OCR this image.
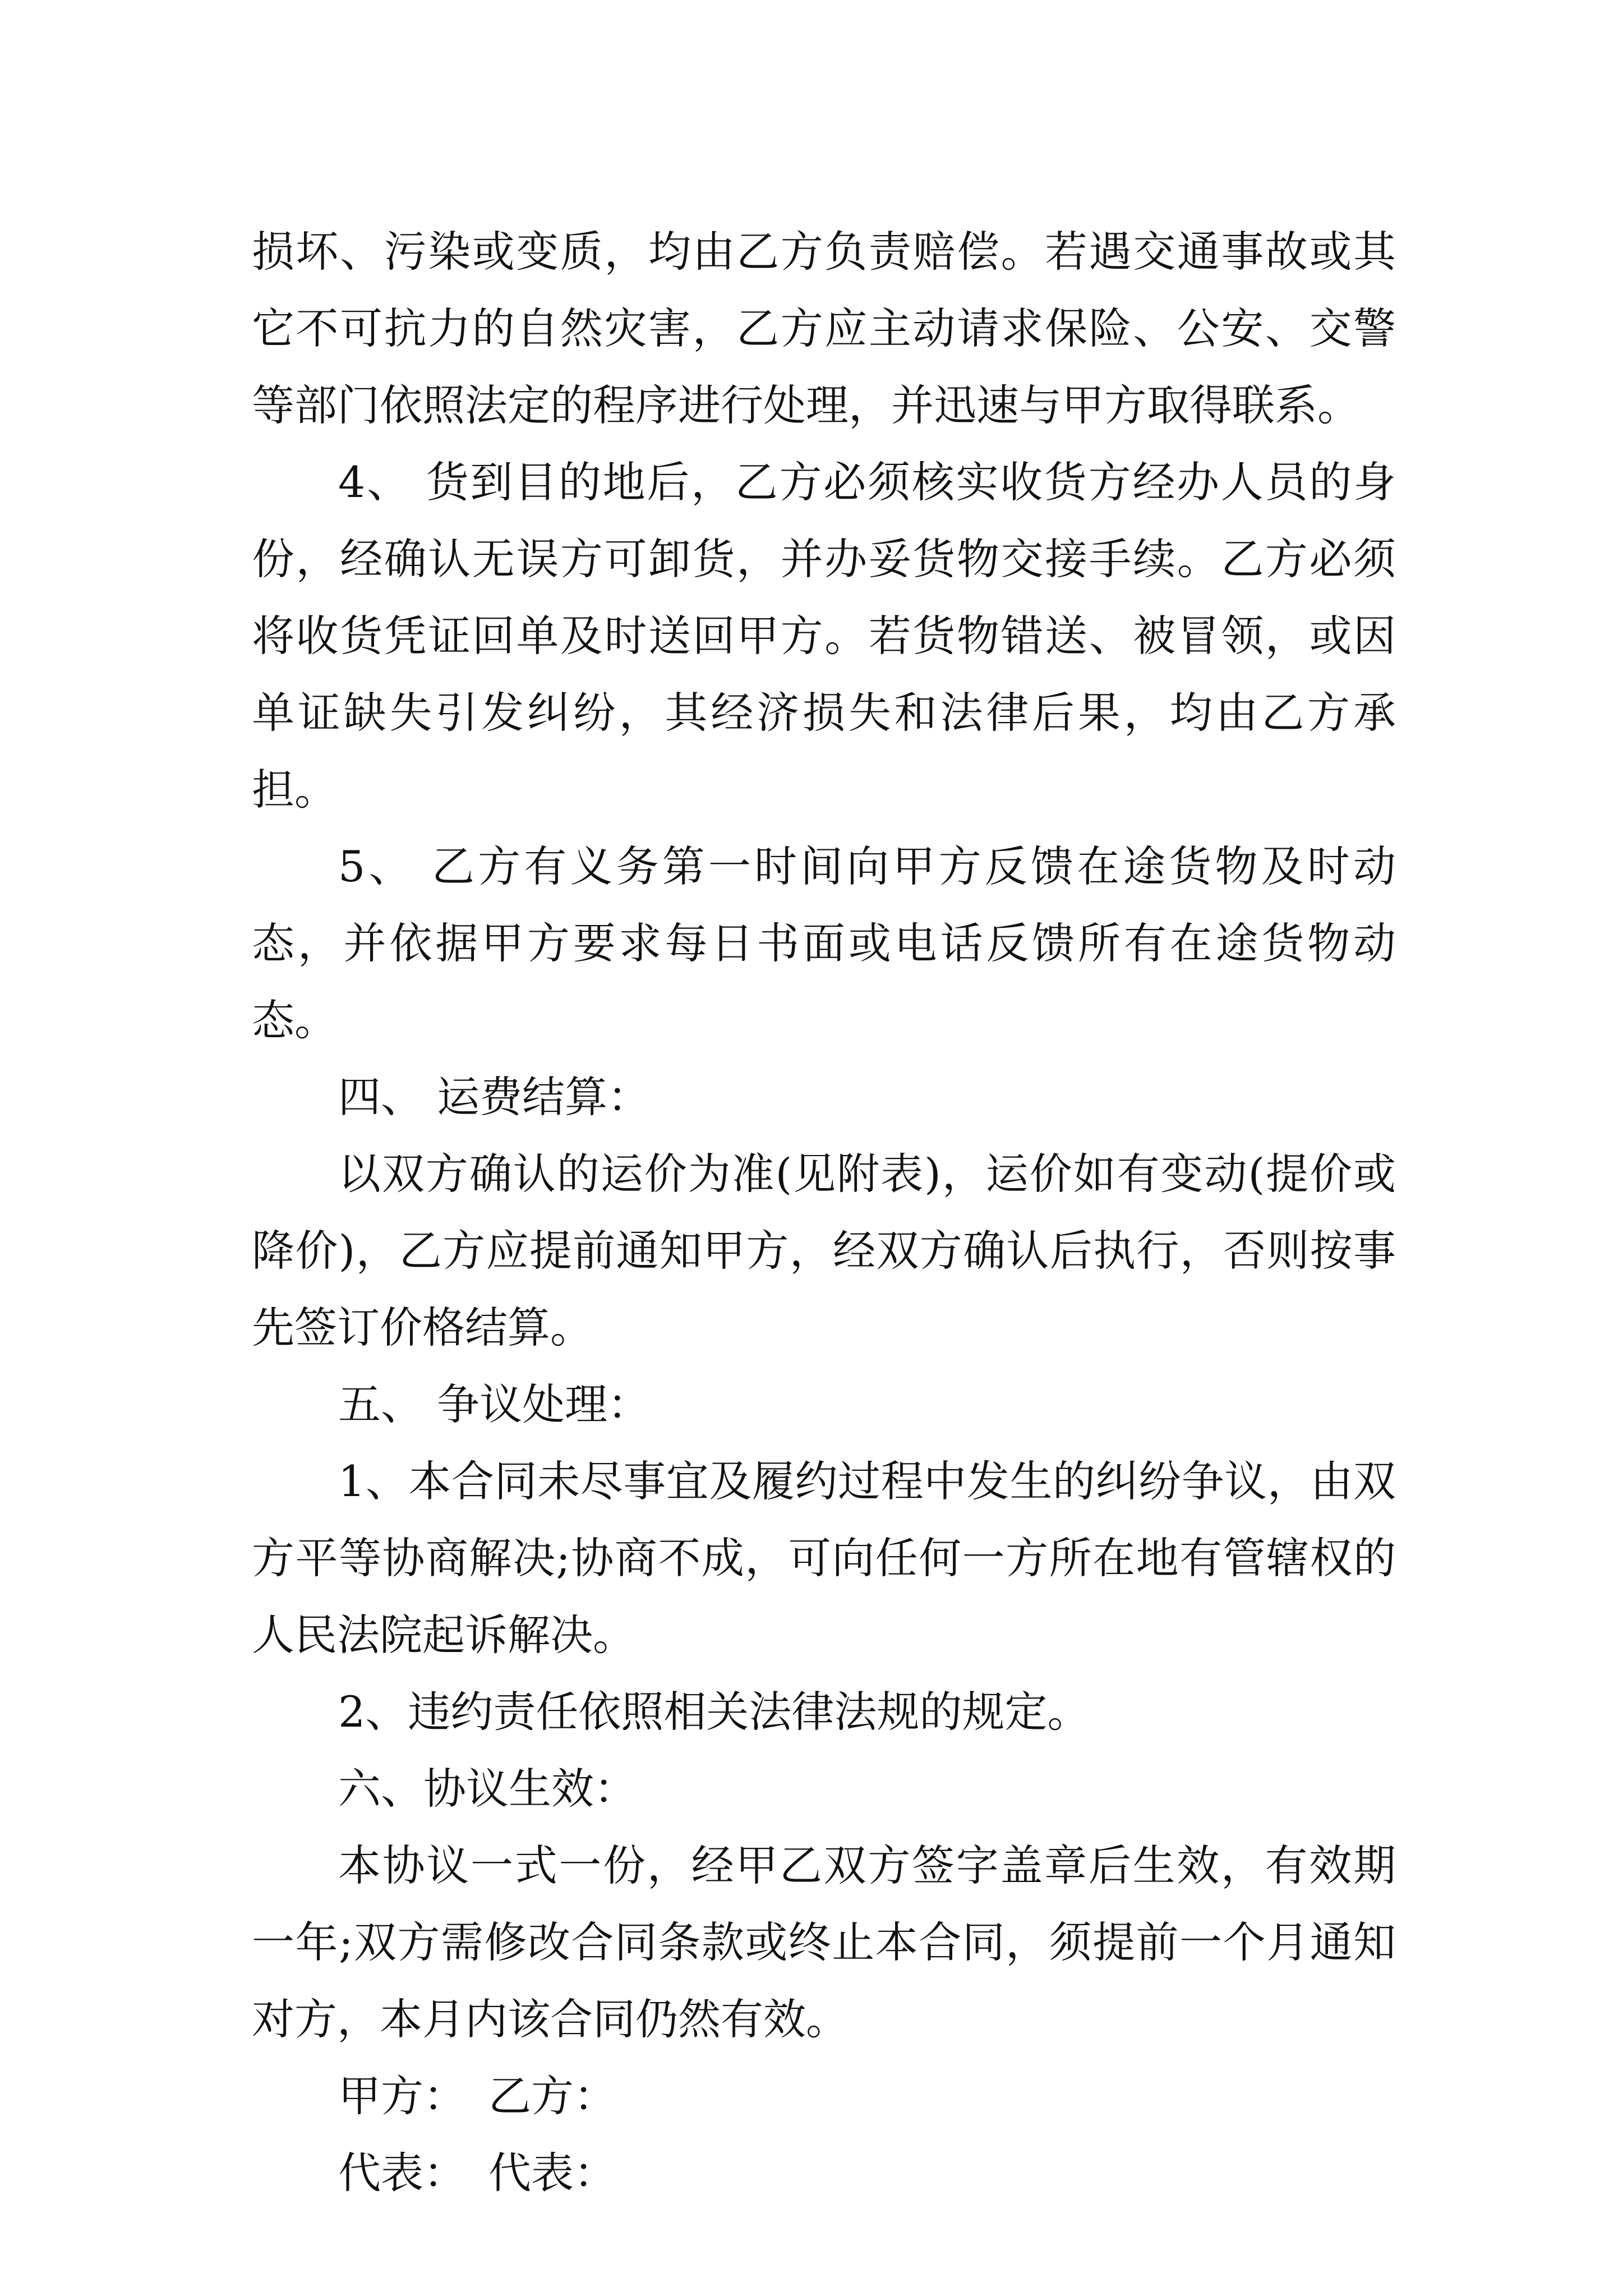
损坏、污染或变质，均由乙方负责赔偿。若遇交通事故或其它不可抗力的自然灾害，乙方应主动请求保险、公安、交警等部门依照法定的程序进行处理，并迅速与甲方取得联系。

4、 货到目的地后，乙方必须核实收货方经办人员的身份，经确认无误方可卸货，并办妥货物交接手续。乙方必须将收货凭证回单及时送回甲方。若货物错送、被冒领，或因单证缺失引发纠纷，其经济损失和法律后果，均由乙方承担。

5、 乙方有义务第一时间向甲方反馈在途货物及时动态，并依据甲方要求每日书面或电话反馈所有在途货物动态。

四、 运费结算：

以双方确认的运价为准(见附表)，运价如有变动(提价或降价)，乙方应提前通知甲方，经双方确认后执行，否则按事先签订价格结算。

五、 争议处理：

1、本合同未尽事宜及履约过程中发生的纠纷争议，由双方平等协商解决;协商不成，可向任何一方所在地有管辖权的人民法院起诉解决。

2、违约责任依照相关法律法规的规定。

六、协议生效：

本协议一式一份，经甲乙双方签字盖章后生效，有效期一年;双方需修改合同条款或终止本合同，须提前一个月通知对方，本月内该合同仍然有效。

甲方： 乙方：

代表： 代表：
